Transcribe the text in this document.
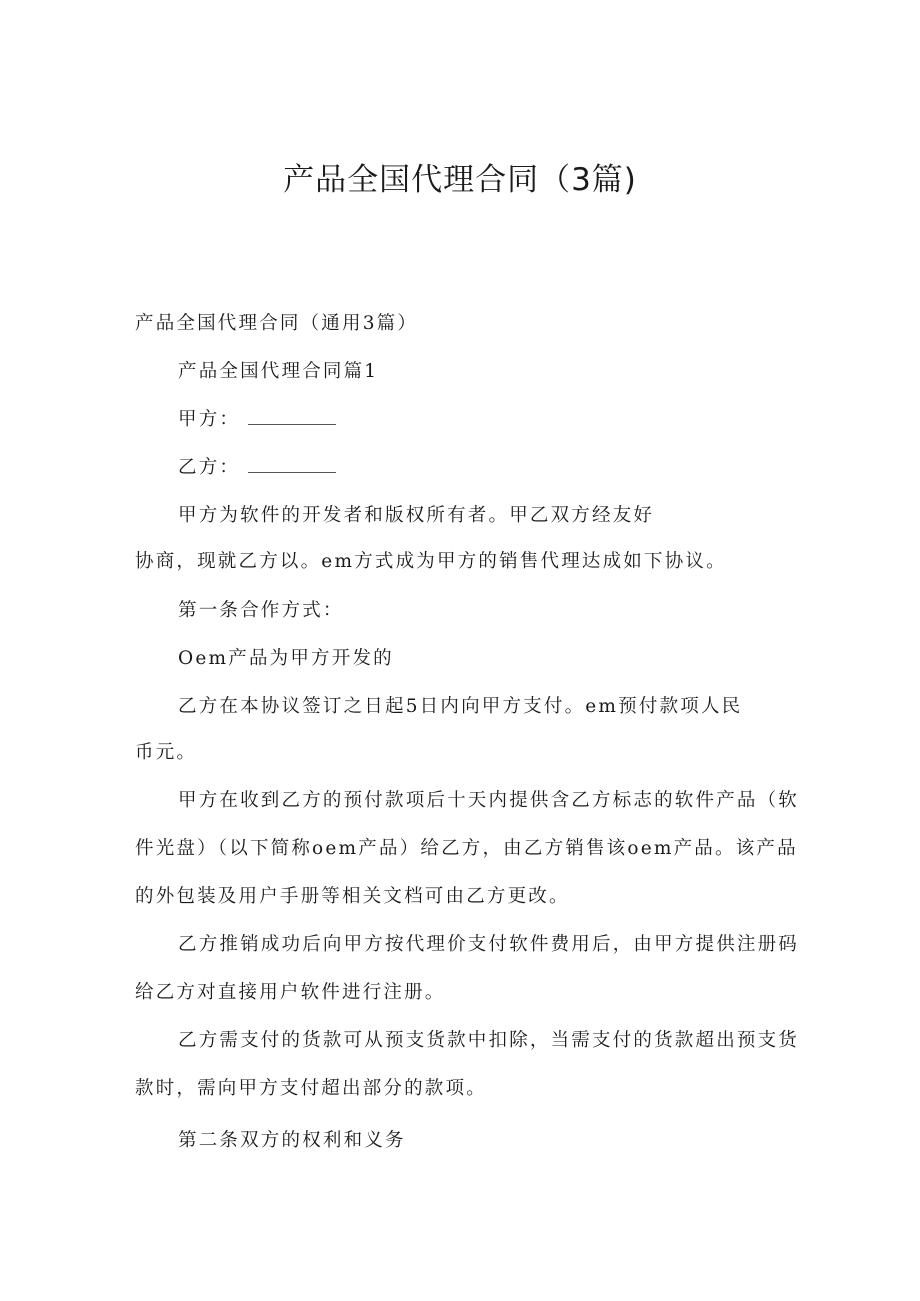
产品全国代理合同（3篇)

产品全国代理合同（通用3篇）

产品全国代理合同篇1

甲方：

乙方：

甲方为软件的开发者和版权所有者。甲乙双方经友好

协商，现就乙方以。em方式成为甲方的销售代理达成如下协议。

第一条合作方式：

Oem产品为甲方开发的

乙方在本协议签订之日起5日内向甲方支付。em预付款项人民

币元。

甲方在收到乙方的预付款项后十天内提供含乙方标志的软件产品（软

件光盘）（以下简称oem产品）给乙方，由乙方销售该oem产品。该产品

的外包装及用户手册等相关文档可由乙方更改。

乙方推销成功后向甲方按代理价支付软件费用后，由甲方提供注册码

给乙方对直接用户软件进行注册。

乙方需支付的货款可从预支货款中扣除，当需支付的货款超出预支货

款时，需向甲方支付超出部分的款项。

第二条双方的权利和义务
